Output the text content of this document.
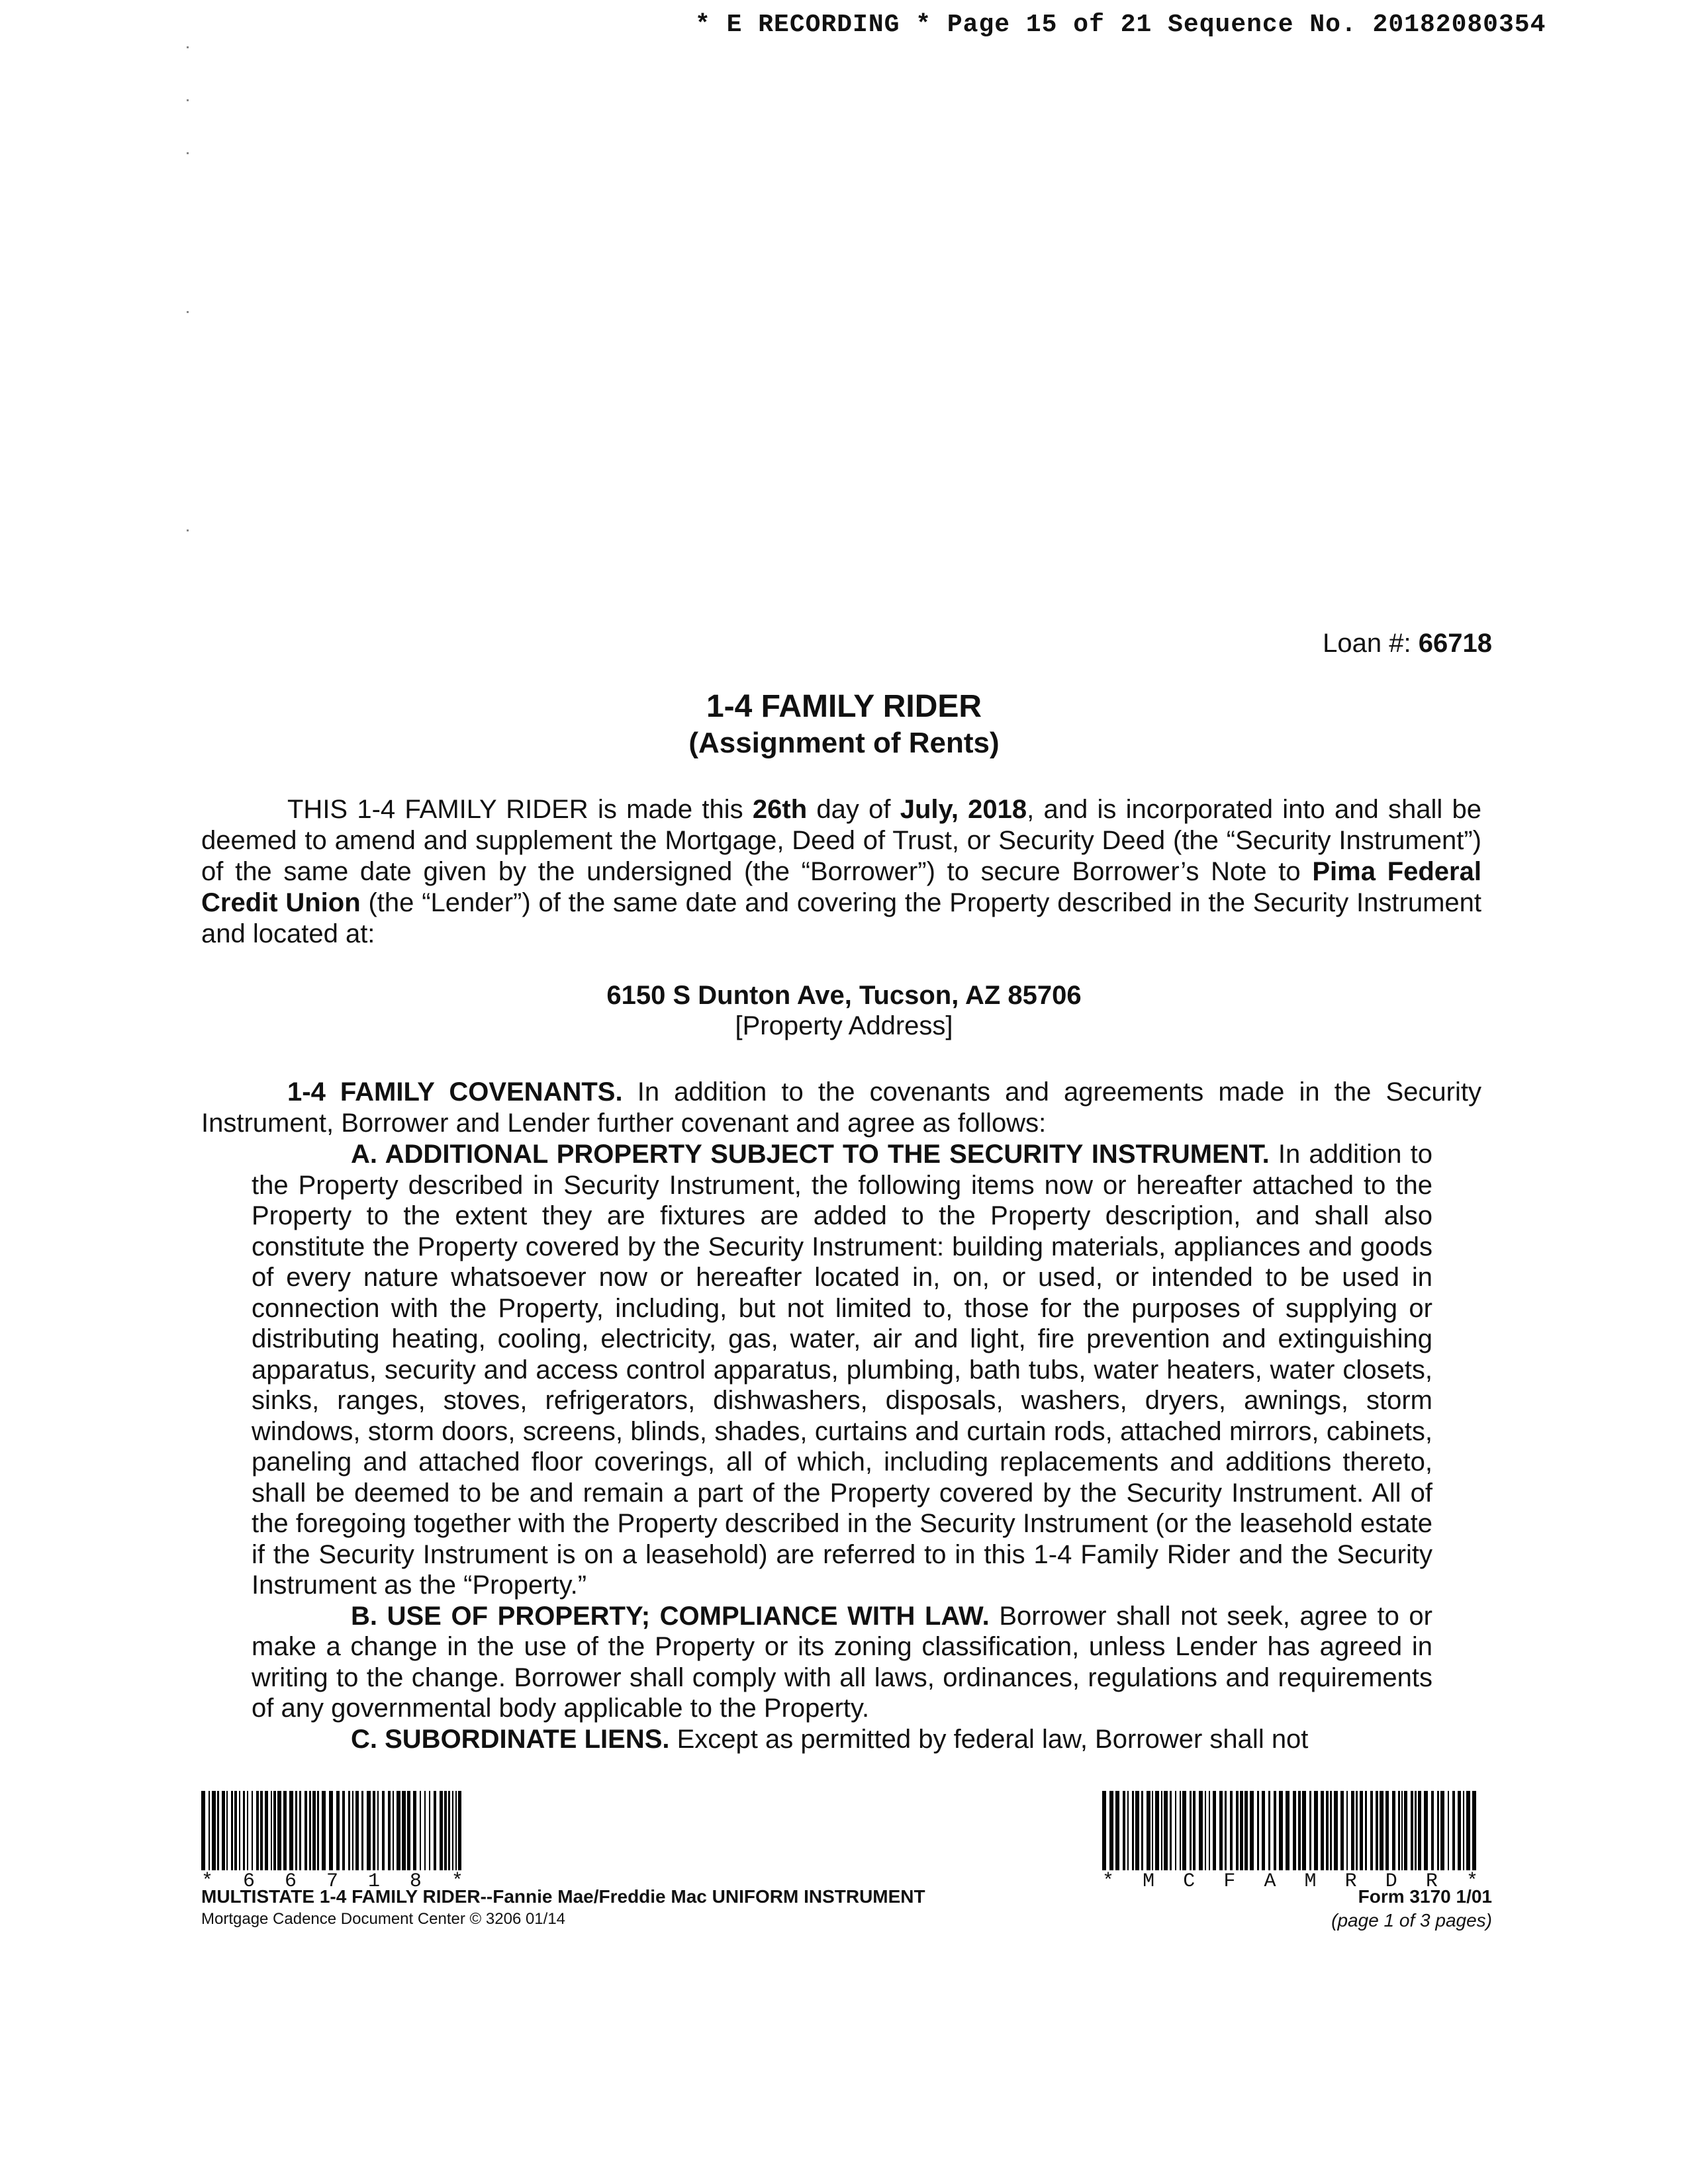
* E RECORDING * Page 15 of 21 Sequence No. 20182080354
Loan #: 66718
1-4 FAMILY RIDER
(Assignment of Rents)
THIS 1-4 FAMILY RIDER is made this 26th day of July, 2018, and is incorporated into and shall be deemed to amend and supplement the Mortgage, Deed of Trust, or Security Deed (the “Security Instrument”) of the same date given by the undersigned (the “Borrower”) to secure Borrower’s Note to Pima Federal Credit Union (the “Lender”) of the same date and covering the Property described in the Security Instrument and located at:
6150 S Dunton Ave, Tucson, AZ 85706
[Property Address]
1-4 FAMILY COVENANTS. In addition to the covenants and agreements made in the Security Instrument, Borrower and Lender further covenant and agree as follows:

A. ADDITIONAL PROPERTY SUBJECT TO THE SECURITY INSTRUMENT. In addition to the Property described in Security Instrument, the following items now or hereafter attached to the Property to the extent they are fixtures are added to the Property description, and shall also constitute the Property covered by the Security Instrument: building materials, appliances and goods of every nature whatsoever now or hereafter located in, on, or used, or intended to be used in connection with the Property, including, but not limited to, those for the purposes of supplying or distributing heating, cooling, electricity, gas, water, air and light, fire prevention and extinguishing apparatus, security and access control apparatus, plumbing, bath tubs, water heaters, water closets, sinks, ranges, stoves, refrigerators, dishwashers, disposals, washers, dryers, awnings, storm windows, storm doors, screens, blinds, shades, curtains and curtain rods, attached mirrors, cabinets, paneling and attached floor coverings, all of which, including replacements and additions thereto, shall be deemed to be and remain a part of the Property covered by the Security Instrument. All of the foregoing together with the Property described in the Security Instrument (or the leasehold estate if the Security Instrument is on a leasehold) are referred to in this 1-4 Family Rider and the Security Instrument as the “Property.”

B. USE OF PROPERTY; COMPLIANCE WITH LAW. Borrower shall not seek, agree to or make a change in the use of the Property or its zoning classification, unless Lender has agreed in writing to the change. Borrower shall comply with all laws, ordinances, regulations and requirements of any governmental body applicable to the Property.

C. SUBORDINATE LIENS. Except as permitted by federal law, Borrower shall not

* 6 6 7 1 8 *	* M C F A M R D R *
MULTISTATE 1-4 FAMILY RIDER--Fannie Mae/Freddie Mac UNIFORM INSTRUMENT
Mortgage Cadence Document Center © 3206 01/14
Form 3170 1/01
(page 1 of 3 pages)
